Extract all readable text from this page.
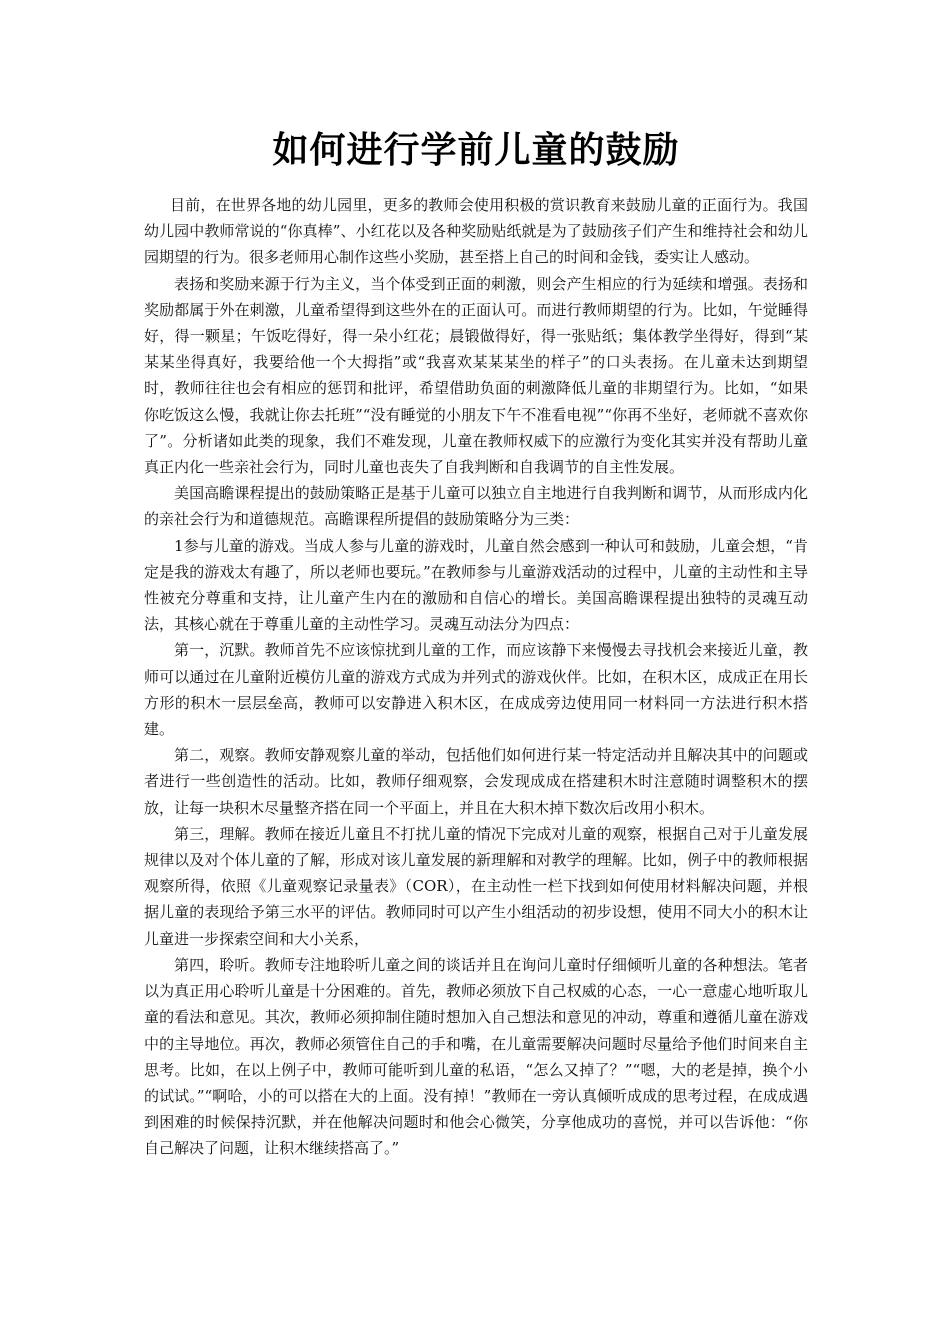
如何进行学前儿童的鼓励

目前，在世界各地的幼儿园里，更多的教师会使用积极的赏识教育来鼓励儿童的正面行为。我国幼儿园中教师常说的“你真棒”、小红花以及各种奖励贴纸就是为了鼓励孩子们产生和维持社会和幼儿园期望的行为。很多老师用心制作这些小奖励，甚至搭上自己的时间和金钱，委实让人感动。

表扬和奖励来源于行为主义，当个体受到正面的刺激，则会产生相应的行为延续和增强。表扬和奖励都属于外在刺激，儿童希望得到这些外在的正面认可。而进行教师期望的行为。比如，午觉睡得好，得一颗星；午饭吃得好，得一朵小红花；晨锻做得好，得一张贴纸；集体教学坐得好，得到“某某某坐得真好，我要给他一个大拇指”或“我喜欢某某某坐的样子”的口头表扬。在儿童未达到期望时，教师往往也会有相应的惩罚和批评，希望借助负面的刺激降低儿童的非期望行为。比如，“如果你吃饭这么慢，我就让你去托班”“没有睡觉的小朋友下午不准看电视”“你再不坐好，老师就不喜欢你了”。分析诸如此类的现象，我们不难发现，儿童在教师权威下的应激行为变化其实并没有帮助儿童真正内化一些亲社会行为，同时儿童也丧失了自我判断和自我调节的自主性发展。

美国高瞻课程提出的鼓励策略正是基于儿童可以独立自主地进行自我判断和调节，从而形成内化的亲社会行为和道德规范。高瞻课程所提倡的鼓励策略分为三类：

1参与儿童的游戏。当成人参与儿童的游戏时，儿童自然会感到一种认可和鼓励，儿童会想，“肯定是我的游戏太有趣了，所以老师也要玩。”在教师参与儿童游戏活动的过程中，儿童的主动性和主导性被充分尊重和支持，让儿童产生内在的激励和自信心的增长。美国高瞻课程提出独特的灵魂互动法，其核心就在于尊重儿童的主动性学习。灵魂互动法分为四点：

第一，沉默。教师首先不应该惊扰到儿童的工作，而应该静下来慢慢去寻找机会来接近儿童，教师可以通过在儿童附近模仿儿童的游戏方式成为并列式的游戏伙伴。比如，在积木区，成成正在用长方形的积木一层层垒高，教师可以安静进入积木区，在成成旁边使用同一材料同一方法进行积木搭建。

第二，观察。教师安静观察儿童的举动，包括他们如何进行某一特定活动并且解决其中的问题或者进行一些创造性的活动。比如，教师仔细观察，会发现成成在搭建积木时注意随时调整积木的摆放，让每一块积木尽量整齐搭在同一个平面上，并且在大积木掉下数次后改用小积木。

第三，理解。教师在接近儿童且不打扰儿童的情况下完成对儿童的观察，根据自己对于儿童发展规律以及对个体儿童的了解，形成对该儿童发展的新理解和对教学的理解。比如，例子中的教师根据观察所得，依照《儿童观察记录量表》（COR），在主动性一栏下找到如何使用材料解决问题，并根据儿童的表现给予第三水平的评估。教师同时可以产生小组活动的初步设想，使用不同大小的积木让儿童进一步探索空间和大小关系，

第四，聆听。教师专注地聆听儿童之间的谈话并且在询问儿童时仔细倾听儿童的各种想法。笔者以为真正用心聆听儿童是十分困难的。首先，教师必须放下自己权威的心态，一心一意虚心地听取儿童的看法和意见。其次，教师必须抑制住随时想加入自己想法和意见的冲动，尊重和遵循儿童在游戏中的主导地位。再次，教师必须管住自己的手和嘴，在儿童需要解决问题时尽量给予他们时间来自主思考。比如，在以上例子中，教师可能听到儿童的私语，“怎么又掉了？”“嗯，大的老是掉，换个小的试试。”“啊哈，小的可以搭在大的上面。没有掉！”教师在一旁认真倾听成成的思考过程，在成成遇到困难的时候保持沉默，并在他解决问题时和他会心微笑，分享他成功的喜悦，并可以告诉他：“你自己解决了问题，让积木继续搭高了。”
